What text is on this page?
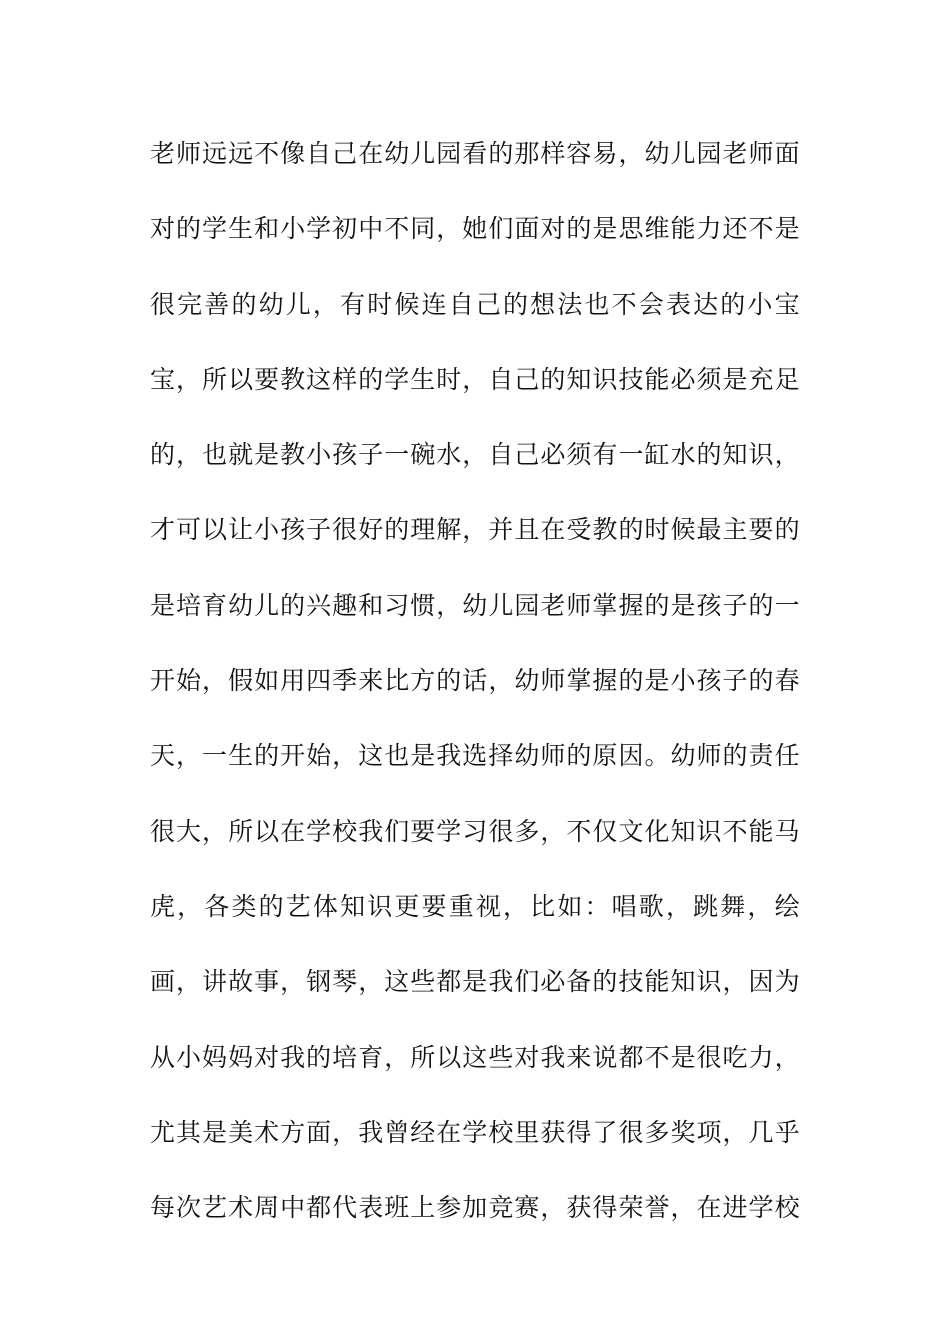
老师远远不像自己在幼儿园看的那样容易，幼儿园老师面
对的学生和小学初中不同，她们面对的是思维能力还不是
很完善的幼儿，有时候连自己的想法也不会表达的小宝
宝，所以要教这样的学生时，自己的知识技能必须是充足
的，也就是教小孩子一碗水，自己必须有一缸水的知识，
才可以让小孩子很好的理解，并且在受教的时候最主要的
是培育幼儿的兴趣和习惯，幼儿园老师掌握的是孩子的一
开始，假如用四季来比方的话，幼师掌握的是小孩子的春
天，一生的开始，这也是我选择幼师的原因。幼师的责任
很大，所以在学校我们要学习很多，不仅文化知识不能马
虎，各类的艺体知识更要重视，比如：唱歌，跳舞，绘
画，讲故事，钢琴，这些都是我们必备的技能知识，因为
从小妈妈对我的培育，所以这些对我来说都不是很吃力，
尤其是美术方面，我曾经在学校里获得了很多奖项，几乎
每次艺术周中都代表班上参加竞赛，获得荣誉，在进学校
